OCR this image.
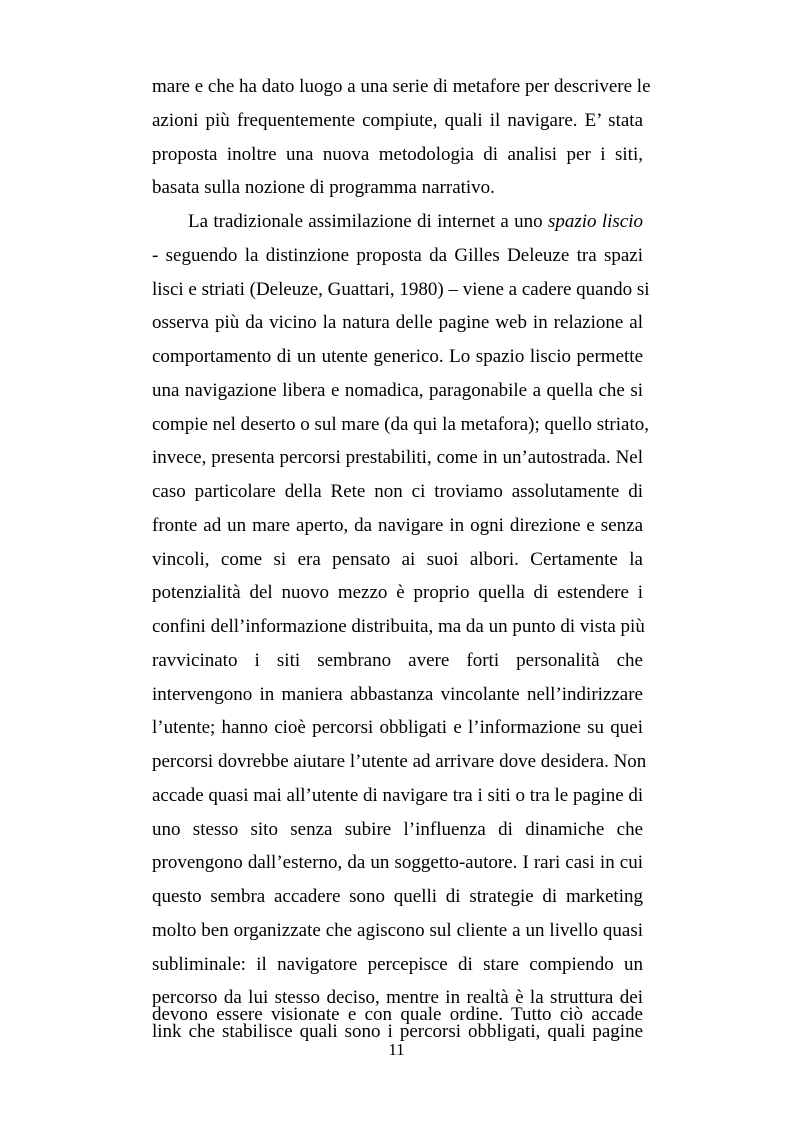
mare e che ha dato luogo a una serie di metafore per descrivere le
azioni più frequentemente compiute, quali il navigare. E’ stata
proposta inoltre una nuova metodologia di analisi per i siti,
basata sulla nozione di programma narrativo.
La tradizionale assimilazione di internet a uno spazio liscio
- seguendo la distinzione proposta da Gilles Deleuze tra spazi
lisci e striati (Deleuze, Guattari, 1980) – viene a cadere quando si
osserva più da vicino la natura delle pagine web in relazione al
comportamento di un utente generico. Lo spazio liscio permette
una navigazione libera e nomadica, paragonabile a quella che si
compie nel deserto o sul mare (da qui la metafora); quello striato,
invece, presenta percorsi prestabiliti, come in un’autostrada. Nel
caso particolare della Rete non ci troviamo assolutamente di
fronte ad un mare aperto, da navigare in ogni direzione e senza
vincoli, come si era pensato ai suoi albori. Certamente la
potenzialità del nuovo mezzo è proprio quella di estendere i
confini dell’informazione distribuita, ma da un punto di vista più
ravvicinato i siti sembrano avere forti personalità che
intervengono in maniera abbastanza vincolante nell’indirizzare
l’utente; hanno cioè percorsi obbligati e l’informazione su quei
percorsi dovrebbe aiutare l’utente ad arrivare dove desidera. Non
accade quasi mai all’utente di navigare tra i siti o tra le pagine di
uno stesso sito senza subire l’influenza di dinamiche che
provengono dall’esterno, da un soggetto-autore. I rari casi in cui
questo sembra accadere sono quelli di strategie di marketing
molto ben organizzate che agiscono sul cliente a un livello quasi
subliminale: il navigatore percepisce di stare compiendo un
percorso da lui stesso deciso, mentre in realtà è la struttura dei
link che stabilisce quali sono i percorsi obbligati, quali pagine
devono essere visionate e con quale ordine. Tutto ciò accade
11
